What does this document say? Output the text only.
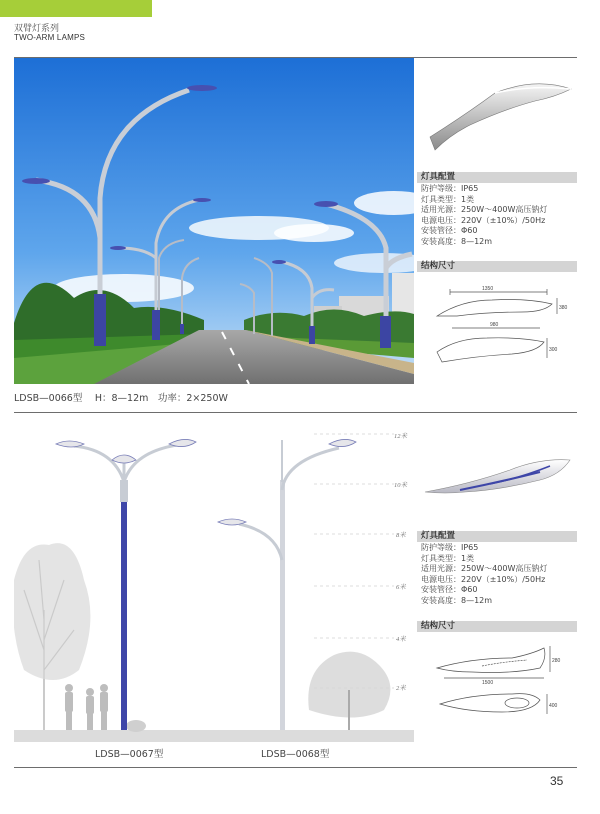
双臂灯系列
TWO-ARM LAMPS
灯具配置
防护等级：IP65
灯具类型：1类
适用光源：250W～400W高压钠灯
电源电压：220V（±10%）/50Hz
安装管径：Φ60
安装高度：8—12m
结构尺寸
1350
980
380
300
LDSB—0066型　 H：8—12m　功率：2×250W
12米
10米
8米
6米
4米
2米
灯具配置
防护等级：IP65
灯具类型：1类
适用光源：250W～400W高压钠灯
电源电压：220V（±10%）/50Hz
安装管径：Φ60
安装高度：8—12m
结构尺寸
1500
280
400
LDSB—0067型	LDSB—0068型
35
